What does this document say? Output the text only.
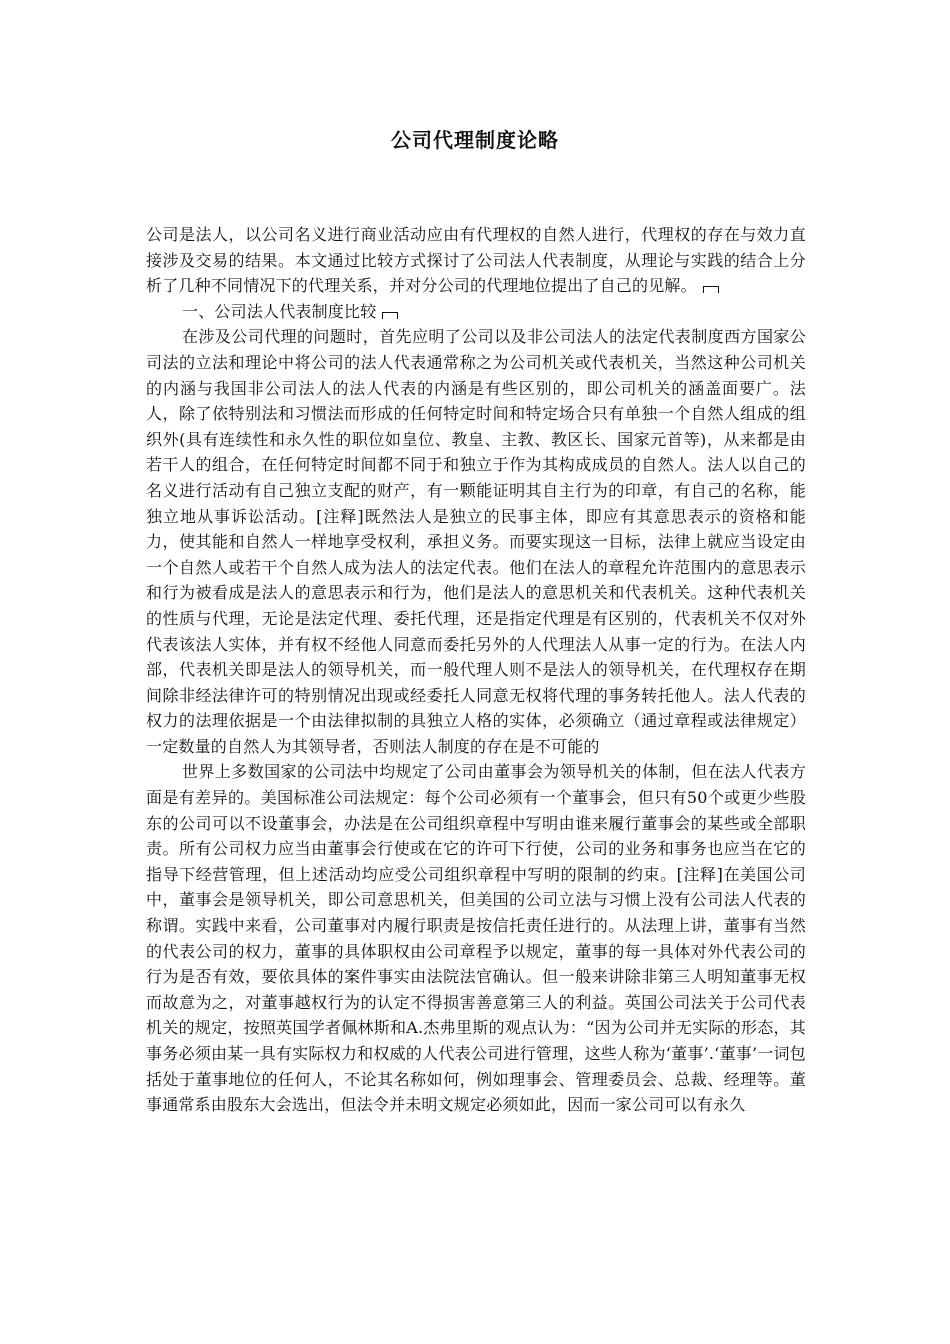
公司代理制度论略

公司是法人，以公司名义进行商业活动应由有代理权的自然人进行，代理权的存在与效力直接涉及交易的结果。本文通过比较方式探讨了公司法人代表制度，从理论与实践的结合上分析了几种不同情况下的代理关系，并对分公司的代理地位提出了自己的见解。

一、公司法人代表制度比较

在涉及公司代理的问题时，首先应明了公司以及非公司法人的法定代表制度西方国家公司法的立法和理论中将公司的法人代表通常称之为公司机关或代表机关，当然这种公司机关的内涵与我国非公司法人的法人代表的内涵是有些区别的，即公司机关的涵盖面要广。法人，除了依特别法和习惯法而形成的任何特定时间和特定场合只有单独一个自然人组成的组织外(具有连续性和永久性的职位如皇位、教皇、主教、教区长、国家元首等)，从来都是由若干人的组合，在任何特定时间都不同于和独立于作为其构成成员的自然人。法人以自己的名义进行活动有自己独立支配的财产，有一颗能证明其自主行为的印章，有自己的名称，能独立地从事诉讼活动。[注释]既然法人是独立的民事主体，即应有其意思表示的资格和能力，使其能和自然人一样地享受权利，承担义务。而要实现这一目标，法律上就应当设定由一个自然人或若干个自然人成为法人的法定代表。他们在法人的章程允许范围内的意思表示和行为被看成是法人的意思表示和行为，他们是法人的意思机关和代表机关。这种代表机关的性质与代理，无论是法定代理、委托代理，还是指定代理是有区别的，代表机关不仅对外代表该法人实体，并有权不经他人同意而委托另外的人代理法人从事一定的行为。在法人内部，代表机关即是法人的领导机关，而一般代理人则不是法人的领导机关，在代理权存在期间除非经法律许可的特别情况出现或经委托人同意无权将代理的事务转托他人。法人代表的权力的法理依据是一个由法律拟制的具独立人格的实体，必须确立（通过章程或法律规定）一定数量的自然人为其领导者，否则法人制度的存在是不可能的

世界上多数国家的公司法中均规定了公司由董事会为领导机关的体制，但在法人代表方面是有差异的。美国标准公司法规定：每个公司必须有一个董事会，但只有50个或更少些股东的公司可以不设董事会，办法是在公司组织章程中写明由谁来履行董事会的某些或全部职责。所有公司权力应当由董事会行使或在它的许可下行使，公司的业务和事务也应当在它的指导下经营管理，但上述活动均应受公司组织章程中写明的限制的约束。[注释]在美国公司中，董事会是领导机关，即公司意思机关，但美国的公司立法与习惯上没有公司法人代表的称谓。实践中来看，公司董事对内履行职责是按信托责任进行的。从法理上讲，董事有当然的代表公司的权力，董事的具体职权由公司章程予以规定，董事的每一具体对外代表公司的行为是否有效，要依具体的案件事实由法院法官确认。但一般来讲除非第三人明知董事无权而故意为之，对董事越权行为的认定不得损害善意第三人的利益。英国公司法关于公司代表机关的规定，按照英国学者佩林斯和A.杰弗里斯的观点认为：“因为公司并无实际的形态，其事务必须由某一具有实际权力和权威的人代表公司进行管理，这些人称为‘董事’.‘董事’一词包括处于董事地位的任何人，不论其名称如何，例如理事会、管理委员会、总裁、经理等。董事通常系由股东大会选出，但法令并未明文规定必须如此，因而一家公司可以有永久
